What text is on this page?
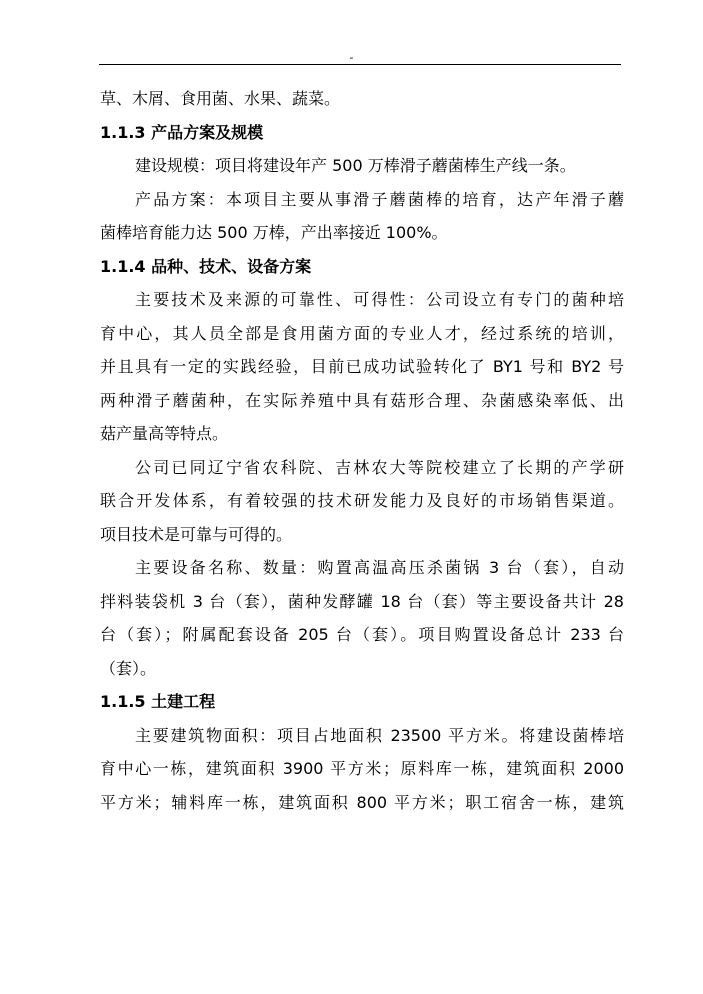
-
草、木屑、食用菌、水果、蔬菜。
1.1.3 产品方案及规模
建设规模：项目将建设年产 500 万棒滑子蘑菌棒生产线一条。
产品方案：本项目主要从事滑子蘑菌棒的培育，达产年滑子蘑
菌棒培育能力达 500 万棒，产出率接近 100%。
1.1.4 品种、技术、设备方案
主要技术及来源的可靠性、可得性：公司设立有专门的菌种培
育中心，其人员全部是食用菌方面的专业人才，经过系统的培训，
并且具有一定的实践经验，目前已成功试验转化了 BY1 号和 BY2 号
两种滑子蘑菌种，在实际养殖中具有菇形合理、杂菌感染率低、出
菇产量高等特点。
公司已同辽宁省农科院、吉林农大等院校建立了长期的产学研
联合开发体系，有着较强的技术研发能力及良好的市场销售渠道。
项目技术是可靠与可得的。
主要设备名称、数量：购置高温高压杀菌锅 3 台（套），自动
拌料装袋机 3 台（套），菌种发酵罐 18 台（套）等主要设备共计 28
台（套）；附属配套设备 205 台（套）。项目购置设备总计 233 台
（套）。
1.1.5 土建工程
主要建筑物面积：项目占地面积 23500 平方米。将建设菌棒培
育中心一栋，建筑面积 3900 平方米；原料库一栋，建筑面积 2000
平方米；辅料库一栋，建筑面积 800 平方米；职工宿舍一栋，建筑
